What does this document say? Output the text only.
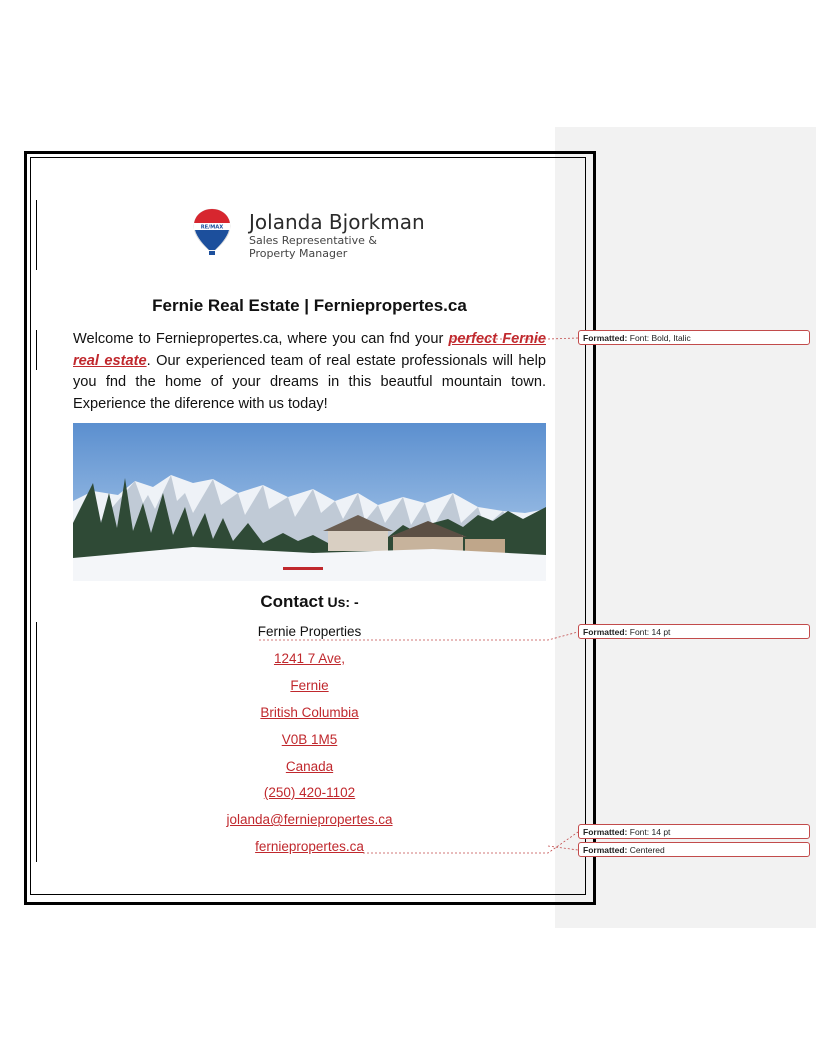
RE/MAX Jolanda Bjorkman
Sales Representative &
Property Manager
Fernie Real Estate | Ferniepropertes.ca

Welcome to Ferniepropertes.ca, where you can fnd your perfect Fernie real estate. Our experienced team of real estate professionals will help you fnd the home of your dreams in this beautful mountain town. Experience the diference with us today!

Contact Us: -
Fernie Properties
1241 7 Ave,
Fernie
British Columbia
V0B 1M5
Canada
(250) 420-1102
jolanda@ferniepropertes.ca
ferniepropertes.ca
Formatted: Font: Bold, Italic
Formatted: Font: 14 pt
Formatted: Font: 14 pt
Formatted: Centered
